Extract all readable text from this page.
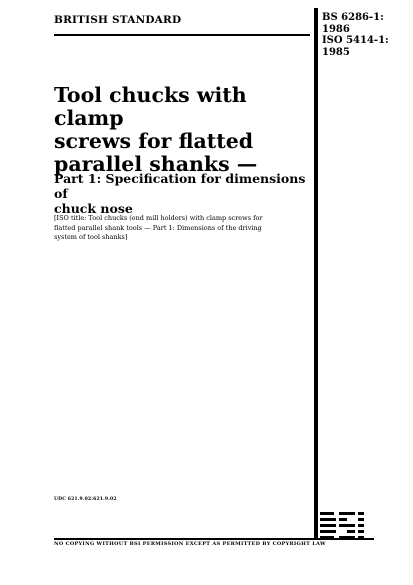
BRITISH STANDARD	BS 6286-1:
1986
ISO 5414-1:
1985
Tool chucks with clamp
screws for flatted
parallel shanks —
Part 1: Specification for dimensions of
chuck nose
[ISO title: Tool chucks (end mill holders) with clamp screws for
flatted parallel shank tools — Part 1: Dimensions of the driving
system of tool shanks]
UDC 621.9.02:621.9.02
NO COPYING WITHOUT BSI PERMISSION EXCEPT AS PERMITTED BY COPYRIGHT LAW
